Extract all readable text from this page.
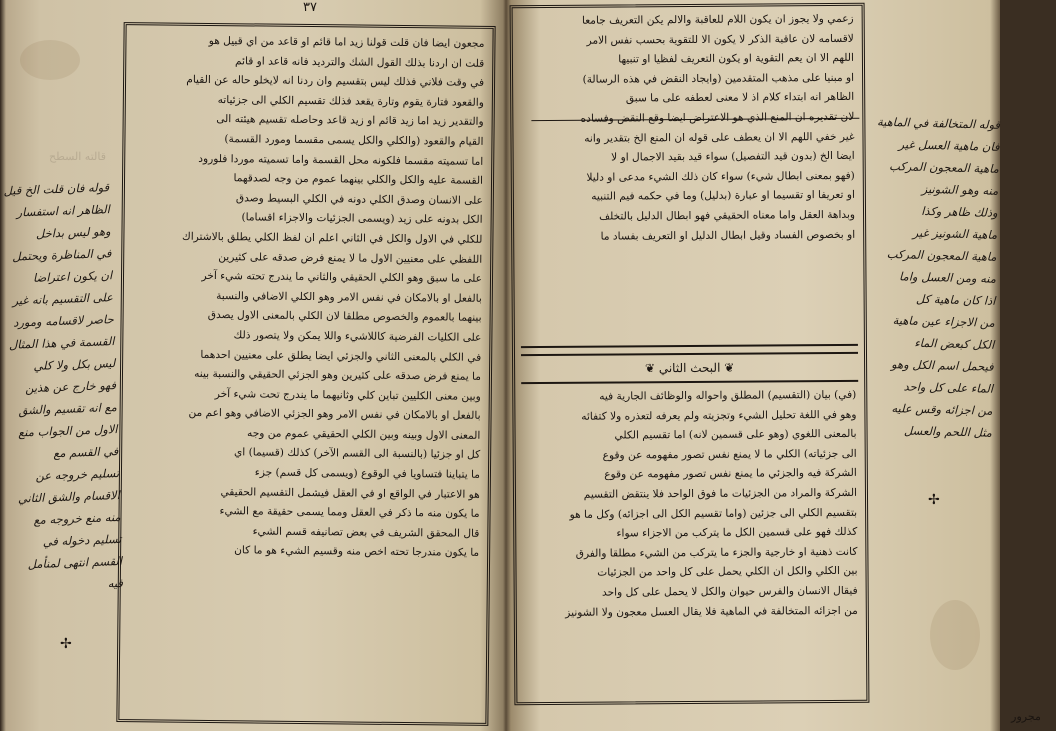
٣٧
قالته السطح
قوله فان قلت الخ قيل
الظاهر انه استفسار
وهو ليس بداخل
في المناظرة ويحتمل
ان يكون اعتراضا
على التقسيم بانه غير
حاصر لاقسامه ومورد
القسمة في هذا المثال
ليس بكل ولا كلي
فهو خارج عن هذين
مع انه تقسيم والشق
الاول من الجواب منع
في القسم مع
تسليم خروجه عن
الاقسام والشق الثاني
منه منع خروجه مع
تسليم دخوله في
القسم انتهى لمنأمل
فيه
✢
مجعون ايضا فان قلت قولنا زيد اما قائم او قاعد من اي قبيل هو
قلت ان اردنا بذلك القول الشك والترديد فانه قاعد او قائم
في وقت فلاني فذلك ليس بتقسيم وان ردنا انه لايخلو حاله عن القيام
والقعود فتارة يقوم وتارة يقعد فذلك تقسيم الكلي الى جزئياته
والتقدير زيد اما زيد قائم او زيد قاعد وحاصله تقسيم هيئته الى
القيام والقعود (والكلي والكل يسمى مقسما ومورد القسمة)
اما تسميته مقسما فلكونه محل القسمة واما تسميته موردا فلورود
القسمة عليه والكل والكلي بينهما عموم من وجه لصدقهما
على الانسان وصدق الكلي دونه في الكلي البسيط وصدق
الكل بدونه على زيد (ويسمى الجزئيات والاجزاء اقساما)
للكلي في الاول والكل في الثاني اعلم ان لفظ الكلي يطلق بالاشتراك
اللفظي على معنيين الاول ما لا يمنع فرض صدقه على كثيرين
على ما سبق وهو الكلي الحقيقي والثاني ما يندرج تحته شيء آخر
بالفعل او بالامكان في نفس الامر وهو الكلي الاضافي والنسبة
بينهما بالعموم والخصوص مطلقا لان الكلي بالمعنى الاول يصدق
على الكليات الفرضية كاللاشيء واللا يمكن ولا يتصور ذلك
في الكلي بالمعنى الثاني والجزئي ايضا يطلق على معنيين احدهما
ما يمنع فرض صدقه على كثيرين وهو الجزئي الحقيقي والنسبة بينه
وبين معنى الكليين تباين كلي وثانيهما ما يندرج تحت شيء آخر
بالفعل او بالامكان في نفس الامر وهو الجزئي الاضافي وهو اعم من
المعنى الاول وبينه وبين الكلي الحقيقي عموم من وجه
كل او جزئيا (بالنسبة الى القسم الآخر) كذلك (قسيما) اي
ما يتباينا فتساويا في الوقوع (ويسمى كل قسم) جزء
هو الاعتبار في الواقع او في العقل فيشمل التقسيم الحقيقي
ما يكون منه ما ذكر في العقل ومما يسمى حقيقة مع الشيء
قال المحقق الشريف في بعض تصانيفه قسم الشيء
ما يكون مندرجا تحته اخص منه وقسيم الشيء هو ما كان
زعمي ولا يجوز ان يكون اللام للعاقبة والالم يكن التعريف جامعا
لاقسامه لان عاقبة الذكر لا يكون الا للتقوية بحسب نفس الامر
اللهم الا ان يعم التقوية او يكون التعريف لفظيا او تنبيها
او مبنيا على مذهب المتقدمين (وايجاد النقض في هذه الرسالة)
الظاهر انه ابتداء كلام اذ لا معنى لعطفه على ما سبق
لان تقديره ان المنع الذي هو الاعتراض ايضا وقع النقض وفساده
غير خفي اللهم الا ان يعطف على قوله ان المنع الخ بتقدير وانه
ايضا الخ (بدون قيد التفصيل) سواء قيد بقيد الاجمال او لا
(فهو بمعنى ابطال شيء) سواء كان ذلك الشيء مدعى او دليلا
او تعريفا او تقسيما او عبارة (بدليل) وما في حكمه فيم التنبيه
وبداهة العقل واما معناه الحقيقي فهو ابطال الدليل بالتخلف
او بخصوص الفساد وقيل ابطال الدليل او التعريف بفساد ما
❦ البحث الثاني ❦
(في) بيان (التقسيم) المطلق واحواله والوظائف الجارية فيه
وهو في اللغة تحليل الشيء وتجزيته ولم يعرفه لتعذره ولا كتفائه
بالمعنى اللغوي (وهو على قسمين لانه) اما تقسيم الكلي
الى جزئياته) الكلي ما لا يمنع نفس تصور مفهومه عن وقوع
الشركة فيه والجزئي ما يمنع نفس تصور مفهومه عن وقوع
الشركة والمراد من الجزئيات ما فوق الواحد فلا ينتقض التقسيم
بتقسيم الكلي الى جزئين (واما تقسيم الكل الى اجزائه) وكل ما هو
كذلك فهو على قسمين الكل ما يتركب من الاجزاء سواء
كانت ذهنية او خارجية والجزء ما يتركب من الشيء مطلقا والفرق
بين الكلي والكل ان الكلي يحمل على كل واحد من الجزئيات
فيقال الانسان والفرس حيوان والكل لا يحمل على كل واحد
من اجزائه المتخالفة في الماهية فلا يقال العسل معجون ولا الشونيز
مجرور
قوله المتخالفة في الماهية
فان ماهية العسل غير
ماهية المعجون المركب
منه وهو الشونيز
وذلك ظاهر وكذا
ماهية الشونيز غير
ماهية المعجون المركب
منه ومن العسل واما
اذا كان ماهية كل
من الاجزاء عين ماهية
الكل كبعض الماء
فيحمل اسم الكل وهو
الماء على كل واحد
من اجزائه وقس عليه
مثل اللحم والعسل
✢
